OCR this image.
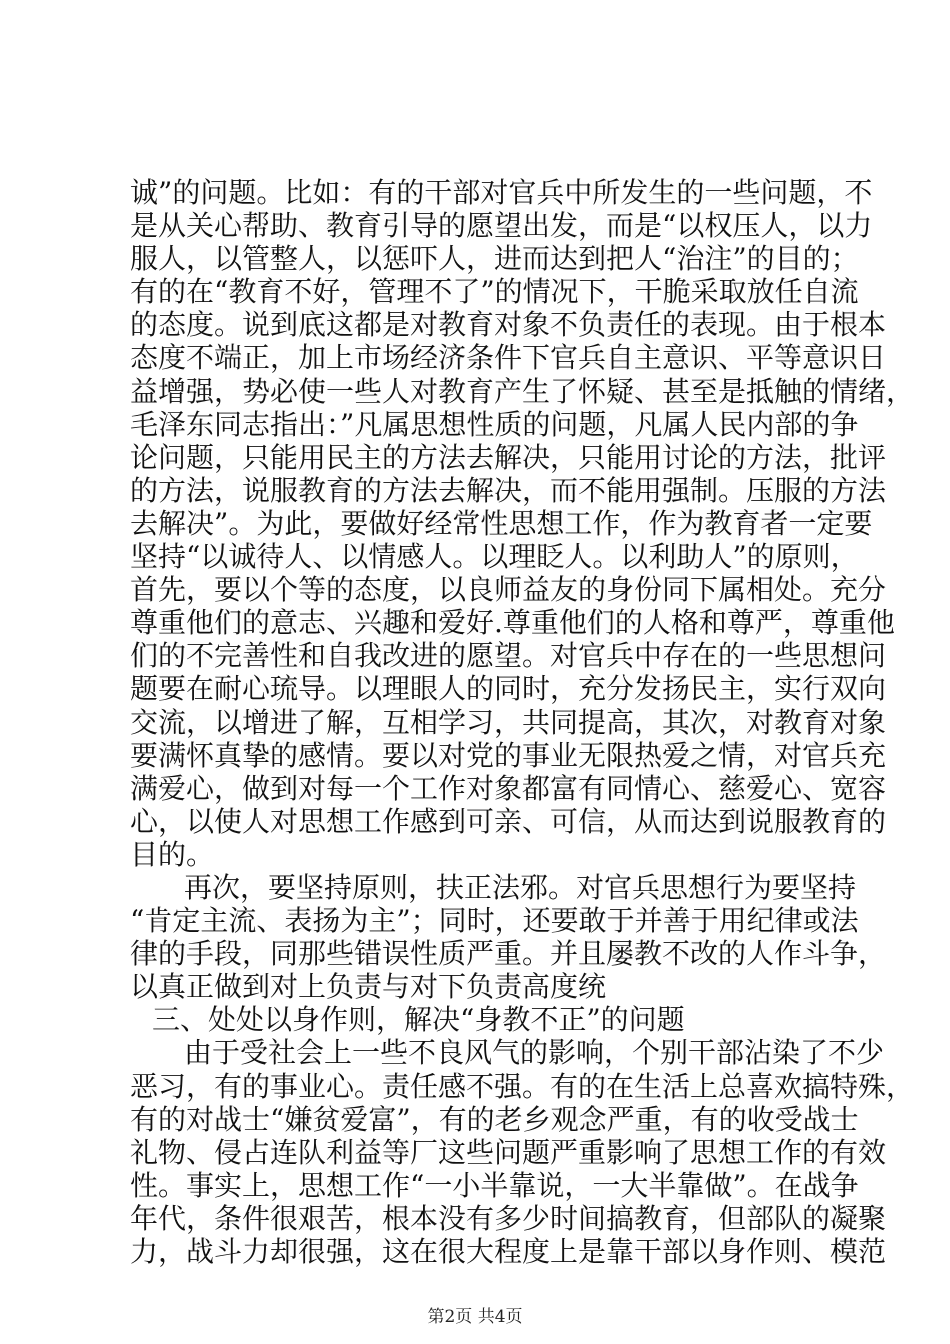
诚”的问题。比如：有的干部对官兵中所发生的一些问题，不
是从关心帮助、教育引导的愿望出发，而是“以权压人，以力
服人，以管整人，以惩吓人，进而达到把人“治注”的目的；
有的在“教育不好，管理不了”的情况下，干脆采取放任自流
的态度。说到底这都是对教育对象不负责任的表现。由于根本
态度不端正，加上市场经济条件下官兵自主意识、平等意识日
益增强，势必使一些人对教育产生了怀疑、甚至是抵触的情绪，
毛泽东同志指出：”凡属思想性质的问题，凡属人民内部的争
论问题，只能用民主的方法去解决，只能用讨论的方法，批评
的方法，说服教育的方法去解决，而不能用强制。压服的方法
去解决”。为此，要做好经常性思想工作，作为教育者一定要
坚持“以诚待人、以情感人。以理眨人。以利助人”的原则，
首先，要以个等的态度，以良师益友的身份同下属相处。充分
尊重他们的意志、兴趣和爱好.尊重他们的人格和尊严，尊重他
们的不完善性和自我改进的愿望。对官兵中存在的一些思想问
题要在耐心琉导。以理眼人的同时，充分发扬民主，实行双向
交流，以增进了解，互相学习，共同提高，其次，对教育对象
要满怀真挚的感情。要以对党的事业无限热爱之情，对官兵充
满爱心，做到对每一个工作对象都富有同情心、慈爱心、宽容
心，以使人对思想工作感到可亲、可信，从而达到说服教育的
目的。
再次，要坚持原则，扶正法邪。对官兵思想行为要坚持
“肯定主流、表扬为主”；同时，还要敢于并善于用纪律或法
律的手段，同那些错误性质严重。并且屡教不改的人作斗争，
以真正做到对上负责与对下负责高度统
三、处处以身作则，解决“身教不正”的问题
由于受社会上一些不良风气的影响，个别干部沾染了不少
恶习，有的事业心。责任感不强。有的在生活上总喜欢搞特殊，
有的对战士“嫌贫爱富”，有的老乡观念严重，有的收受战士
礼物、侵占连队利益等厂这些问题严重影响了思想工作的有效
性。事实上，思想工作“一小半靠说，一大半靠做”。在战争
年代，条件很艰苦，根本没有多少时间搞教育，但部队的凝聚
力，战斗力却很强，这在很大程度上是靠干部以身作则、模范
第2页 共4页
